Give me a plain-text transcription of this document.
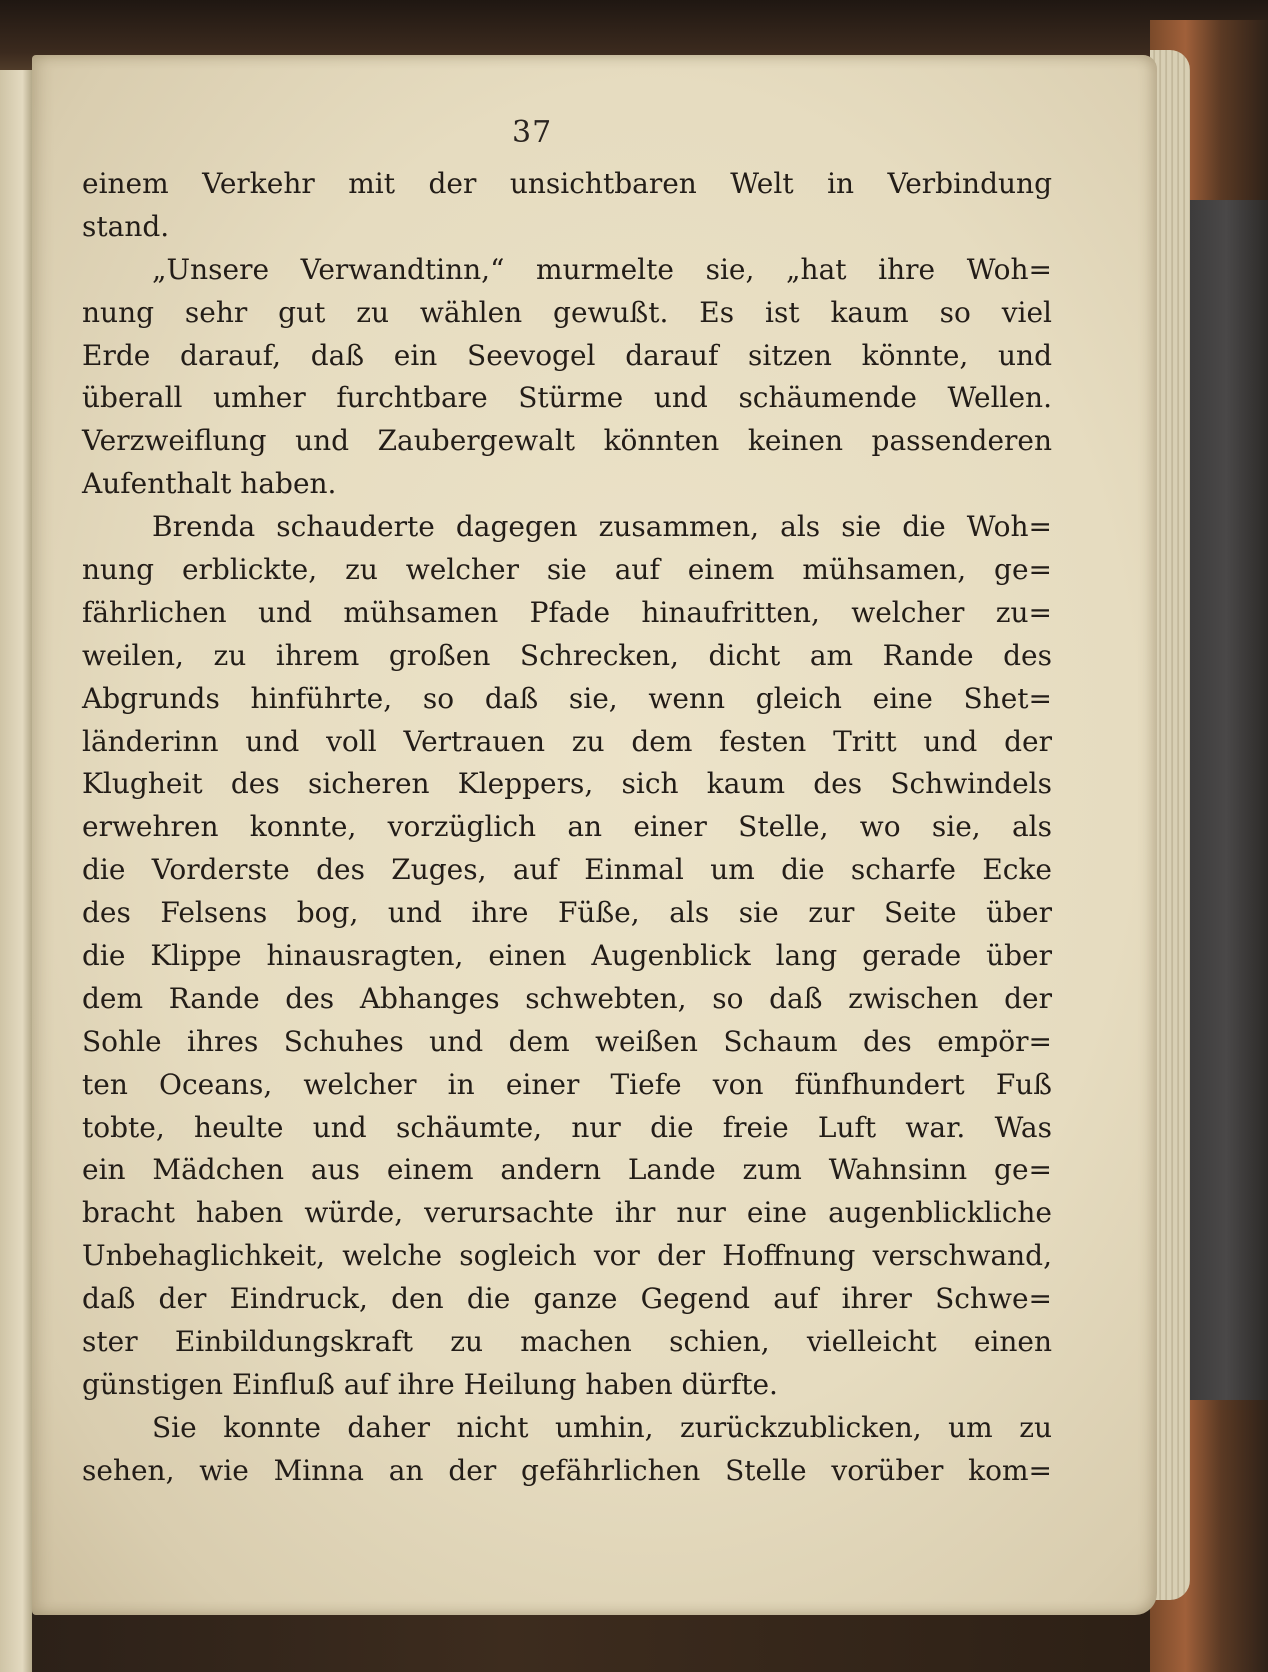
37
einem Verkehr mit der unsichtbaren Welt in Verbindung
stand.
„Unsere Verwandtinn,“ murmelte sie, „hat ihre Woh=
nung sehr gut zu wählen gewußt. Es ist kaum so viel
Erde darauf, daß ein Seevogel darauf sitzen könnte, und
überall umher furchtbare Stürme und schäumende Wellen.
Verzweiflung und Zaubergewalt könnten keinen passenderen
Aufenthalt haben.
Brenda schauderte dagegen zusammen, als sie die Woh=
nung erblickte, zu welcher sie auf einem mühsamen, ge=
fährlichen und mühsamen Pfade hinaufritten, welcher zu=
weilen, zu ihrem großen Schrecken, dicht am Rande des
Abgrunds hinführte, so daß sie, wenn gleich eine Shet=
länderinn und voll Vertrauen zu dem festen Tritt und der
Klugheit des sicheren Kleppers, sich kaum des Schwindels
erwehren konnte, vorzüglich an einer Stelle, wo sie, als
die Vorderste des Zuges, auf Einmal um die scharfe Ecke
des Felsens bog, und ihre Füße, als sie zur Seite über
die Klippe hinausragten, einen Augenblick lang gerade über
dem Rande des Abhanges schwebten, so daß zwischen der
Sohle ihres Schuhes und dem weißen Schaum des empör=
ten Oceans, welcher in einer Tiefe von fünfhundert Fuß
tobte, heulte und schäumte, nur die freie Luft war. Was
ein Mädchen aus einem andern Lande zum Wahnsinn ge=
bracht haben würde, verursachte ihr nur eine augenblickliche
Unbehaglichkeit, welche sogleich vor der Hoffnung verschwand,
daß der Eindruck, den die ganze Gegend auf ihrer Schwe=
ster Einbildungskraft zu machen schien, vielleicht einen
günstigen Einfluß auf ihre Heilung haben dürfte.
Sie konnte daher nicht umhin, zurückzublicken, um zu
sehen, wie Minna an der gefährlichen Stelle vorüber kom=
